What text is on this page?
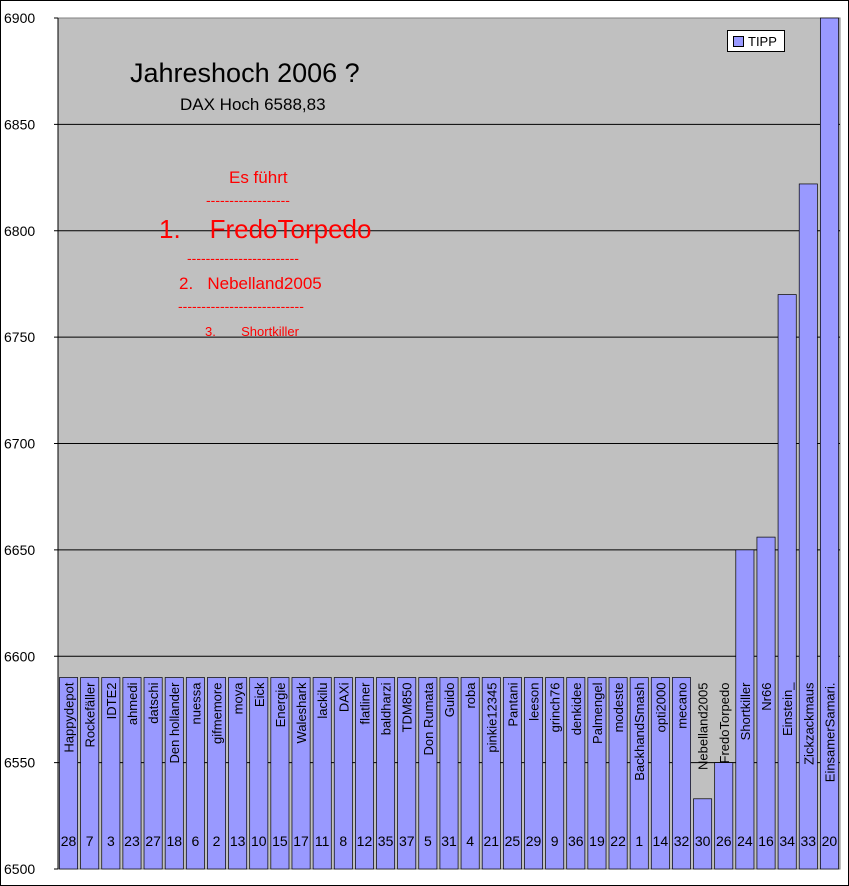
6900
6850
6800
6750
6700
6650
6600
6550
6500
Happydepot
28
Rockefäller
7
IDTE2
3
ahmedi
23
datschi
27
Den hollander
18
nuessa
6
gifmemore
2
moya
13
Eick
10
Energie
15
Waleshark
17
lackilu
11
DAXi
8
flatliner
12
baldharzi
35
TDM850
37
Don Rumata
5
Guido
31
roba
4
pinkie12345
21
Pantani
25
leeson
29
grinch76
9
denkidee
36
Palmengel
19
modeste
22
BackhandSmash
1
opti2000
14
mecano
32
Nebelland2005
30
FredoTorpedo
26
Shortkiller
24
Nr66
16
Einstein_
34
Zickzackmaus
33
EinsamerSamari.
20
TIPP
Jahreshoch 2006 ?
DAX Hoch 6588,83
Es führt
------------------
1.    FredoTorpedo
------------------------
2.   Nebelland2005
---------------------------
3.       Shortkiller
